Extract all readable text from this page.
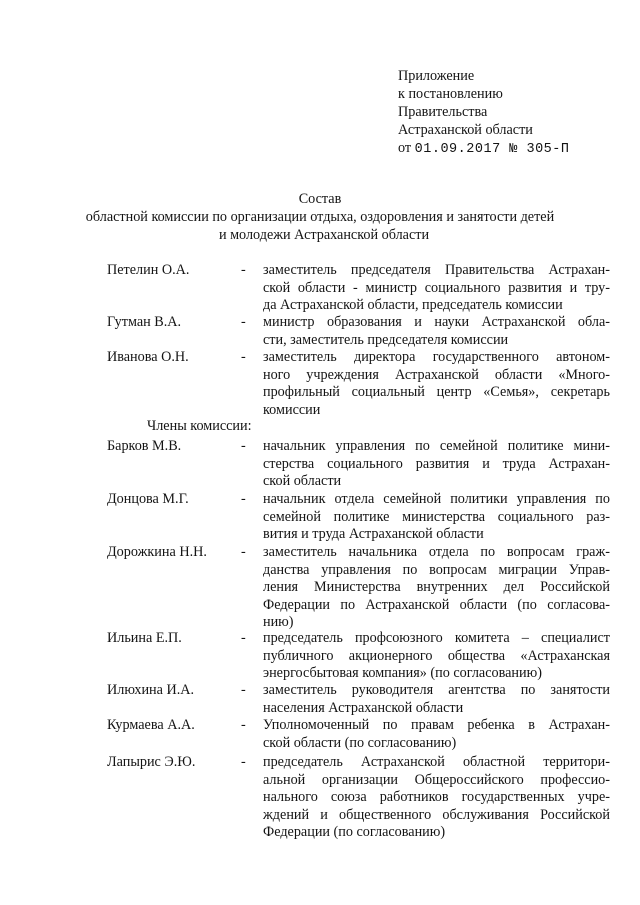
Приложение
к постановлению
Правительства
Астраханской области
от 01.09.2017 № 305-П
Состав
областной комиссии по организации отдыха, оздоровления и занятости детей
и молодежи Астраханской области
Петелин О.А.	- заместитель председателя Правительства Астрахан-
ской области - министр социального развития и тру-
да Астраханской области, председатель комиссии
Гутман В.А.	- министр образования и науки Астраханской обла-
сти, заместитель председателя комиссии
Иванова О.Н.	- заместитель директора государственного автоном-
ного учреждения Астраханской области «Много-
профильный социальный центр «Семья», секретарь
комиссии
Члены комиссии:
Барков М.В.	- начальник управления по семейной политике мини-
стерства социального развития и труда Астрахан-
ской области
Донцова М.Г.	- начальник отдела семейной политики управления по
семейной политике министерства социального раз-
вития и труда Астраханской области
Дорожкина Н.Н. - заместитель начальника отдела по вопросам граж-
данства управления по вопросам миграции Управ-
ления Министерства внутренних дел Российской
Федерации по Астраханской области (по согласова-
нию)
Ильина Е.П.	- председатель профсоюзного комитета – специалист
публичного акционерного общества «Астраханская
энергосбытовая компания» (по согласованию)
Илюхина И.А.	- заместитель руководителя агентства по занятости
населения Астраханской области
Курмаева А.А.	- Уполномоченный по правам ребенка в Астрахан-
ской области (по согласованию)
Лапырис Э.Ю.	- председатель Астраханской областной территори-
альной организации Общероссийского профессио-
нального союза работников государственных учре-
ждений и общественного обслуживания Российской
Федерации (по согласованию)
